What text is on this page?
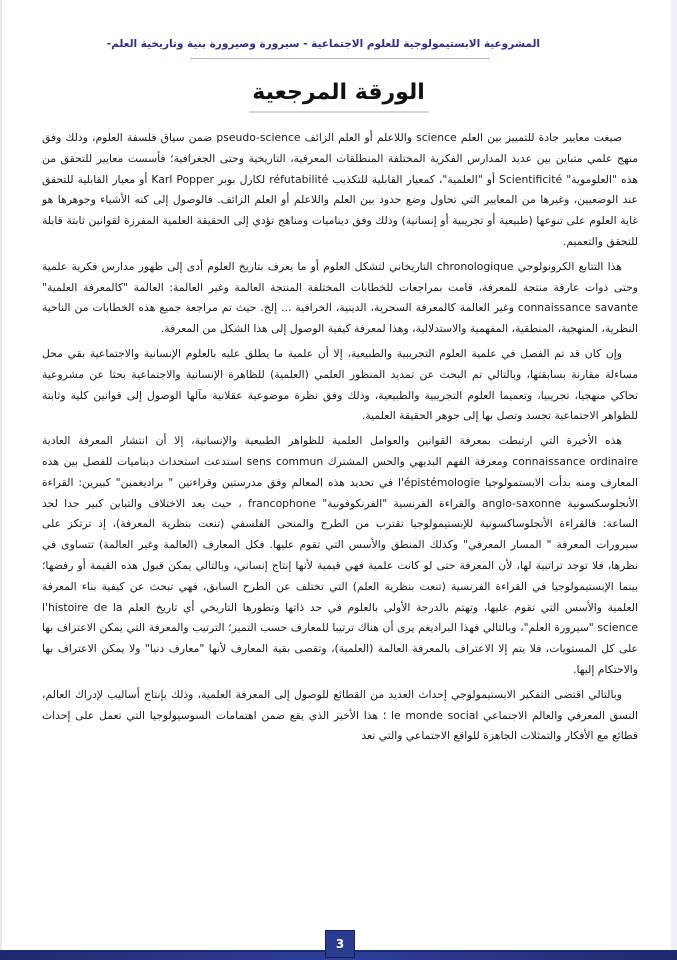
المشروعية الابستيمولوجية للعلوم الاجتماعية - سيرورة وصيرورة بنية وتاريخية العلم-
الورقة المرجعية

صيغت معايير جادة للتمييز بين العلم science واللاعلم أو العلم الزائف pseudo-science ضمن سياق فلسفة العلوم، وذلك وفق منهج علمي متباين بين عديد المدارس الفكرية المختلفة المنطلقات المعرفية، التاريخية وحتى الجغرافية؛ فأسست معايير للتحقق من هذه "العلوموية" Scientificité أو "العلمية"، كمعيار القابلية للتكذيب réfutabilité لكارل بوبر Karl Popper أو معيار القابلية للتحقق عند الوضعيين، وغيرها من المعايير التي تحاول وضع حدود بين العلم واللاعلم أو العلم الزائف. فالوصول إلى كنه الأشياء وجوهرها هو غاية العلوم على تنوعها (طبيعية أو تجريبية أو إنسانية) وذلك وفق دينامیات ومناهج تؤدي إلى الحقيقة العلمية المفرزة لقوانين ثابتة قابلة للتحقق والتعميم.

هذا التتابع الكرونولوجي chronologique التاريخاني لتشكل العلوم أو ما يعرف بتاريخ العلوم أدى إلى ظهور مدارس فكرية علمية وحتى ذوات عارفة منتجة للمعرفة، قامت بمراجعات للخطابات المختلفة المنتجة العالمة وغير العالمة: العالمة "كالمعرفة العلمية" connaissance savante وغير العالمة كالمعرفة السحرية، الدينية، الخرافية ... إلخ. حيث تم مراجعة جميع هذه الخطابات من الناحية النظرية، المنهجية، المنطقية، المفهمية والاستدلالية، وهذا لمعرفة كيفية الوصول إلى هذا الشكل من المعرفة.

وإن كان قد تم الفصل في علمية العلوم التجريبية والطبيعية، إلا أن علمية ما يطلق عليه بالعلوم الإنسانية والاجتماعية بقي محل مساءلة مقارنة بسابقتها، وبالتالي تم البحث عن تمديد المنظور العلمي (العلمية) للظاهرة الإنسانية والاجتماعية بحثا عن مشروعية تحاكي منهجيا، تجريبيا، وتعميما العلوم التجريبية والطبيعية، وذلك وفق نظرة موضوعية عقلانية مآلها الوصول إلى قوانين كلية وثابتة للظواهر الاجتماعية تجسد وتصل بها إلى جوهر الحقيقة العلمية.

هذه الأخيرة التي ارتبطت بمعرفة القوانين والعوامل العلمية للظواهر الطبيعية والإنسانية، إلا أن انتشار المعرفة العادية connaissance ordinaire ومعرفة الفهم البديهي والحس المشترك sens commun استدعت استحداث دينامیات للفصل بين هذه المعارف ومنه بدأت الابستمولوجيا l'épistémologie في تحديد هذه المعالم وفق مدرستين وقراءتين " براديغمين" كبيرين: القراءة الأنجلوسكسونية anglo-saxonne والقراءة الفرنسية "الفرنكوفونية" francophone ، حيث يعد الاختلاف والتباين كبير جدا لحد الساعة: فالقراءة الأنجلوساكسونية للإبستيمولوجيا تقترب من الطرح والمنحى الفلسفي (تنعت بنظرية المعرفة)، إذ ترتكز على سيرورات المعرفة " المسار المعرفي" وكذلك المنطق والأسس التي تقوم عليها. فكل المعارف (العالمة وغير العالمة) تتساوى في نظرها، فلا توجد تراتبية لها، لأن المعرفة حتى لو كانت علمية فهي قيمية لأنها إنتاج إنساني، وبالتالي يمكن قبول هذه القيمة أو رفضها؛ بينما الإبستيمولوجيا في القراءة الفرنسية (تنعت بنظرية العلم) التي تختلف عن الطرح السابق، فهي تبحث عن كيفية بناء المعرفة العلمية والأسس التي تقوم عليها، وتهتم بالدرجة الأولى بالعلوم في حد ذاتها وتطورها التاريخي أي تاريخ العلم l'histoire de la science "سيرورة العلم"، وبالتالي فهذا البراديغم يرى أن هناك ترتيبا للمعارف حسب التميز؛ الترتيب والمعرفة التي يمكن الاعتراف بها على كل المستويات، فلا يتم إلا الاعتراف بالمعرفة العالمة (العلمية)، وتقصى بقية المعارف لأنها "معارف دنيا" ولا يمكن الاعتراف بها والاحتكام إليها.

وبالتالي اقتضى التفكير الابستيمولوجي إحداث العديد من القطائع للوصول إلى المعرفة العلمية، وذلك بإنتاج أساليب لإدراك العالم، النسق المعرفي والعالم الاجتماعي le monde social ؛ هذا الأخير الذي يقع ضمن اهتمامات السوسيولوجيا التي تعمل على إحداث قطائع مع الأفكار والتمثلات الجاهزة للواقع الاجتماعي والتي تعد

3
